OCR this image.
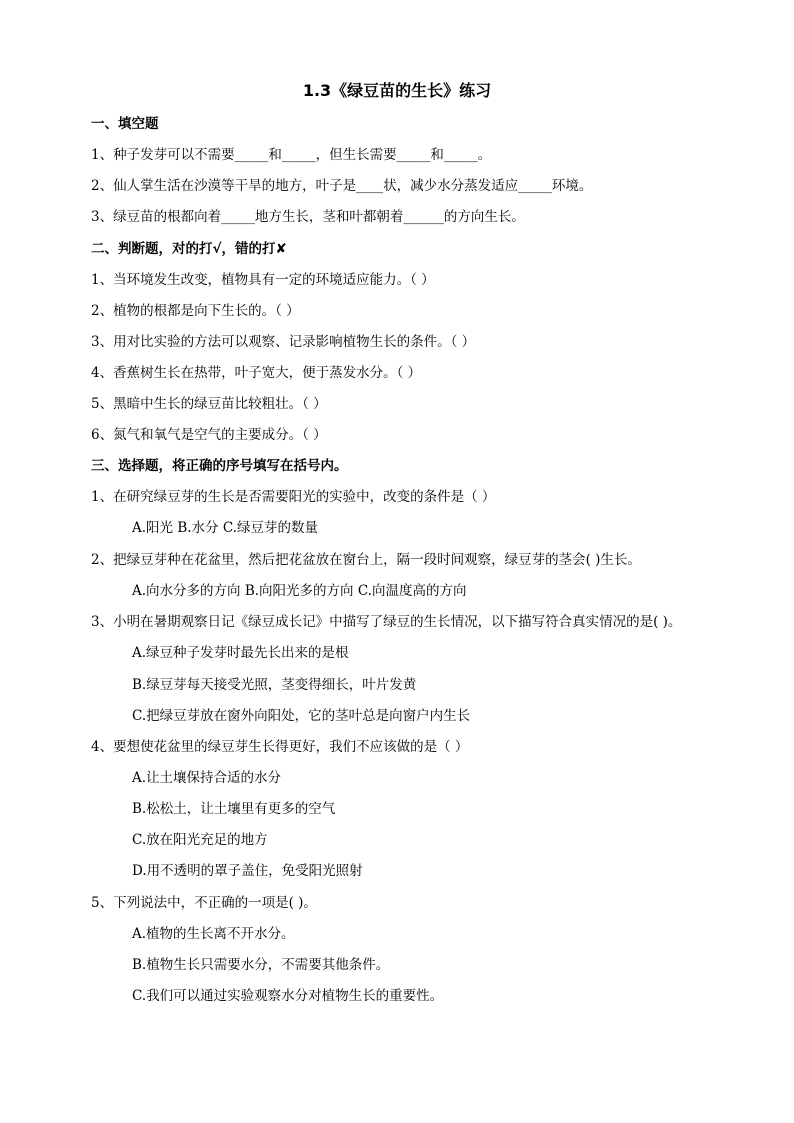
1.3《绿豆苗的生长》练习
一、填空题
1、种子发芽可以不需要_____和_____，但生长需要_____和_____。
2、仙人掌生活在沙漠等干旱的地方，叶子是____状，减少水分蒸发适应_____环境。
3、绿豆苗的根都向着_____地方生长，茎和叶都朝着______的方向生长。
二、判断题，对的打√，错的打✘
1、当环境发生改变，植物具有一定的环境适应能力。（ ）
2、植物的根都是向下生长的。（ ）
3、用对比实验的方法可以观察、记录影响植物生长的条件。（ ）
4、香蕉树生长在热带，叶子宽大，便于蒸发水分。（ ）
5、黑暗中生长的绿豆苗比较粗壮。（ ）
6、氮气和氧气是空气的主要成分。（ ）
三、选择题，将正确的序号填写在括号内。
1、在研究绿豆芽的生长是否需要阳光的实验中，改变的条件是（ ）
A.阳光 B.水分 C.绿豆芽的数量
2、把绿豆芽种在花盆里，然后把花盆放在窗台上，隔一段时间观察，绿豆芽的茎会( )生长。
A.向水分多的方向 B.向阳光多的方向 C.向温度高的方向
3、小明在暑期观察日记《绿豆成长记》中描写了绿豆的生长情况，以下描写符合真实情况的是( )。
A.绿豆种子发芽时最先长出来的是根
B.绿豆芽每天接受光照，茎变得细长，叶片发黄
C.把绿豆芽放在窗外向阳处，它的茎叶总是向窗户内生长
4、要想使花盆里的绿豆芽生长得更好，我们不应该做的是（ ）
A.让土壤保持合适的水分
B.松松土，让土壤里有更多的空气
C.放在阳光充足的地方
D.用不透明的罩子盖住，免受阳光照射
5、下列说法中，不正确的一项是( )。
A.植物的生长离不开水分。
B.植物生长只需要水分，不需要其他条件。
C.我们可以通过实验观察水分对植物生长的重要性。
